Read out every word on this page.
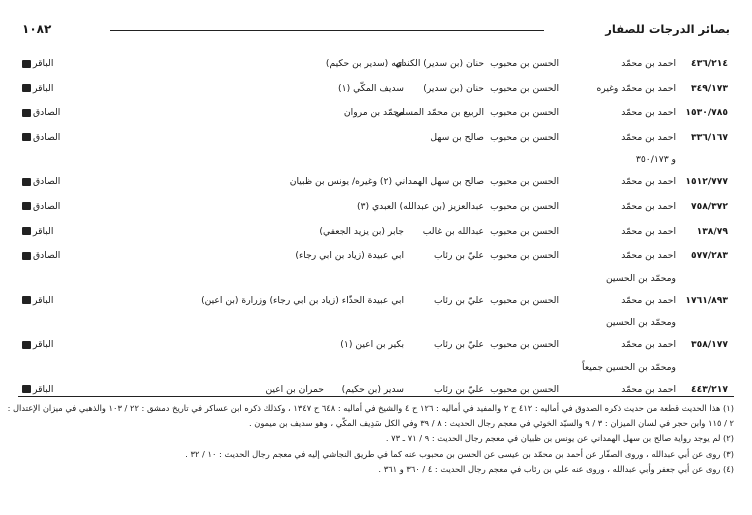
بصائر الدرجات للصفار
١٠٨٢
٤٣٦/٢١٤
احمد بن محمّد
الحسن بن محبوب
حنان (بن سدير) الكندي
ابيه (سدير بن حكيم)
الباقر
٣٤٩/١٧٣
احمد بن محمّد وغيره
الحسن بن محبوب
حنان (بن سدير)
سديف المكّي (١)
الباقر
١٥٣٠/٧٨٥
احمد بن محمّد
الحسن بن محبوب
الربيع بن محمّد المسلي
محمّد بن مروان
الصادق
٣٣٦/١٦٧
احمد بن محمّد
الحسن بن محبوب
صالح بن سهل
الصادق
و ٣٥٠/١٧٣
١٥١٢/٧٧٧
احمد بن محمّد
الحسن بن محبوب
صالح بن سهل الهمداني (٢) وغيره/ يونس بن ظبيان
الصادق
٧٥٨/٣٧٢
احمد بن محمّد
الحسن بن محبوب
عبدالعزيز (بن عبدالله) العبدي (٣)
الصادق
١٣٨/٧٩
احمد بن محمّد
الحسن بن محبوب
عبدالله بن غالب
جابر (بن يزيد الجعفي)
الباقر
٥٧٧/٢٨٣
احمد بن محمّد
الحسن بن محبوب
عليّ بن رئاب
ابي عبيدة (زياد بن ابي رجاء)
الصادق
ومحمّد بن الحسين
١٧٦١/٨٩٣
احمد بن محمّد
الحسن بن محبوب
عليّ بن رئاب
ابي عبيدة الحذّاء (زياد بن ابي رجاء) وزرارة (بن اعين)
الباقر
ومحمّد بن الحسين
٣٥٨/١٧٧
احمد بن محمّد
الحسن بن محبوب
عليّ بن رئاب
بكير بن اعين (١)
الباقر
ومحمّد بن الحسين جميعاً
٤٤٣/٢١٧
احمد بن محمّد
الحسن بن محبوب
عليّ بن رئاب
سدير (بن حكيم)
حمران بن اعين
الباقر
(١) هذا الحديث قطعة من حديث ذكره الصدوق في أماليه : ٤١٢ ح ٢ والمفيد في أماليه : ١٢٦ ح ٤ والشيخ في أماليه : ٦٤٨ ح ١٣٤٧ ، وكذلك ذكره ابن عساكر في تاريخ دمشق : ٢٢ / ١٠٣ والذهبي في ميزان الإعتدال :
٢ / ١١٥ وابن حجر في لسان الميزان : ٣ / ٩ والسيّد الخوئي في معجم رجال الحديث : ٨ / ٣٩ وفي الكل سَدِيف المكّي ، وهو سديف بن ميمون .
(٢) لم يوجد رواية صالح بن سهل الهمداني عن يونس بن ظبيان في معجم رجال الحديث : ٩ / ٧١ ـ ٧٣ .
(٣) روى عن أبي عبدالله ، وروى الصفّار عن أحمد بن محمّد بن عيسى عن الحسن بن محبوب عنه كما في طريق النجاشي إليه في معجم رجال الحديث : ١٠ / ٣٢ .
(٤) روى عن أبي جعفر وأبي عبدالله ، وروى عنه علي بن رئاب في معجم رجال الحديث : ٤ / ٣٦٠ و ٣٦١ .
